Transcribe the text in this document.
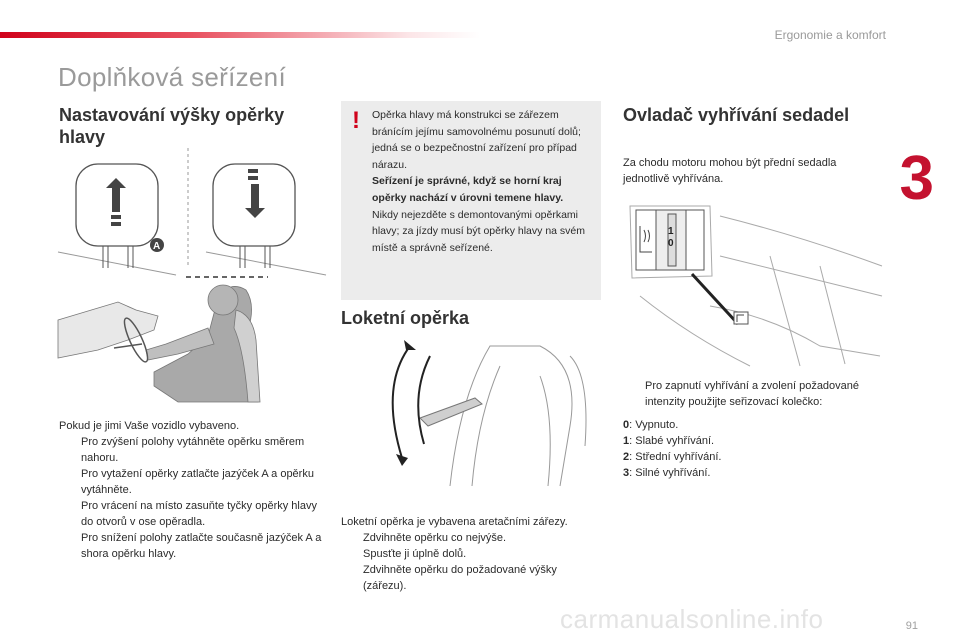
Ergonomie a komfort
3
Doplňková seřízení
Nastavování výšky opěrky hlavy
A

Pokud je jimi Vaše vozidlo vybaveno.

Pro zvýšení polohy vytáhněte opěrku směrem nahoru.

Pro vytažení opěrky zatlačte jazýček A a opěrku vytáhněte.

Pro vrácení na místo zasuňte tyčky opěrky hlavy do otvorů v ose opěradla.

Pro snížení polohy zatlačte současně jazýček A a shora opěrku hlavy.

! Opěrka hlavy má konstrukci se zářezem bránícím jejímu samovolnému posunutí dolů; jedná se o bezpečnostní zařízení pro případ nárazu.
Seřízení je správné, když se horní kraj opěrky nachází v úrovni temene hlavy.
Nikdy nejezděte s demontovanými opěrkami hlavy; za jízdy musí být opěrky hlavy na svém místě a správně seřízené.
Loketní opěrka

Loketní opěrka je vybavena aretačními zářezy.

Zdvihněte opěrku co nejvýše.

Spusťte ji úplně dolů.

Zdvihněte opěrku do požadované výšky (zářezu).

Ovladač vyhřívání sedadel
Za chodu motoru mohou být přední sedadla jednotlivě vyhřívána.
1
0

Pro zapnutí vyhřívání a zvolení požadované intenzity použijte seřizovací kolečko:

0: Vypnuto.

1: Slabé vyhřívání.

2: Střední vyhřívání.

3: Silné vyhřívání.

carmanualsonline.info	91
